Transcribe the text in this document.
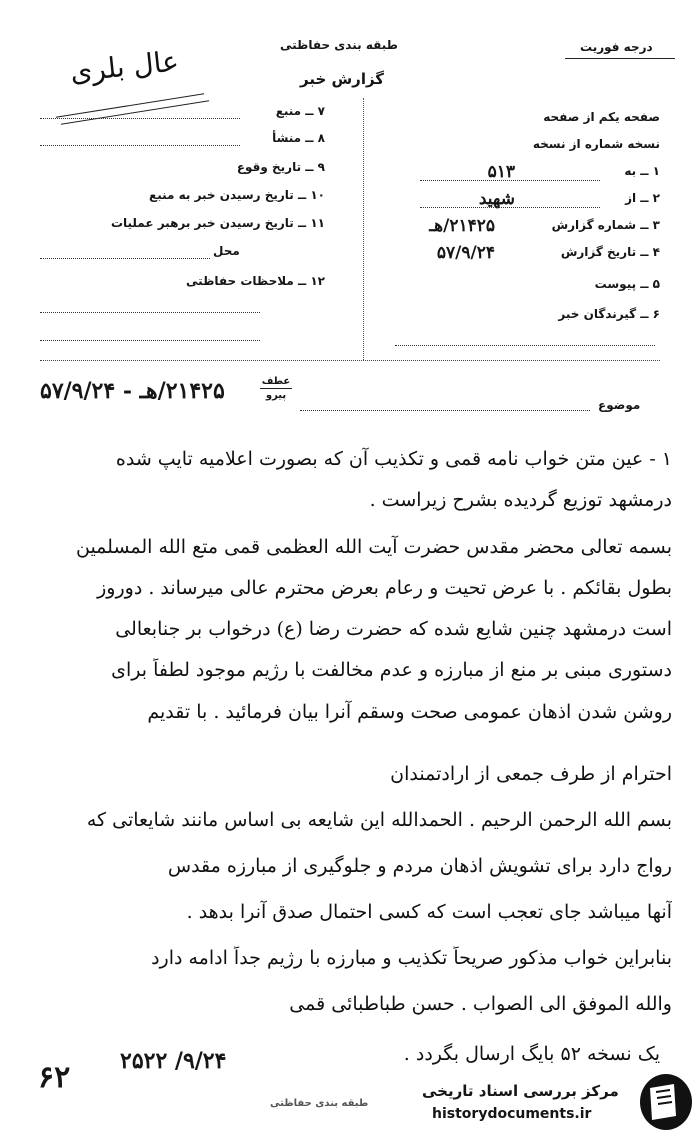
عال بلری	طبقه بندی حفاظتی
گزارش خبر
درجه فوریت
صفحه یکم از صفحه
نسخه شماره از نسخه
۱ ــ به
۵۱۳
۲ ــ از
شهید
۳ ــ شماره گزارش
۲۱۴۲۵/هـ
۴ ــ تاریخ گزارش
۵۷/۹/۲۴
۵ ــ پیوست
۶ ــ گیرندگان خبر
۷ ــ منبع
۸ ــ منشأ
۹ ــ تاریخ وقوع
۱۰ ــ تاریخ رسیدن خبر به منبع
۱۱ ــ تاریخ رسیدن خبر برهبر عملیات
محل
۱۲ ــ ملاحظات حفاظتی
موضوع
۲۱۴۲۵/هـ - ۵۷/۹/۲۴	عطف
پیرو
۱ - عین متن خواب نامه قمی و تکذیب آن که بصورت اعلامیه تایپ شده
درمشهد توزیع گردیده بشرح زیراست .
بسمه تعالی محضر مقدس حضرت آیت الله العظمی قمی متع الله المسلمین
بطول بقائکم . با عرض تحیت و رعام بعرض محترم عالی میرساند . دوروز
است درمشهد چنین شایع شده که حضرت رضا (ع) درخواب بر جنابعالی
دستوری مبنی بر منع از مبارزه و عدم مخالفت با رژیم موجود لطفاً برای
روشن شدن اذهان عمومی صحت وسقم آنرا بیان فرمائید . با تقدیم
احترام از طرف جمعی از ارادتمندان
بسم الله الرحمن الرحیم . الحمدالله این شایعه بی اساس مانند شایعاتی که
رواج دارد برای تشویش اذهان مردم و جلوگیری از مبارزه مقدس
آنها میباشد جای تعجب است که کسی احتمال صدق آنرا بدهد .
بنابراین خواب مذکور صریحاً تکذیب و مبارزه با رژیم جداً ادامه دارد
والله الموفق الی الصواب . حسن طباطبائی قمی
یک نسخه ۵۲ بایگ ارسال بگردد .
۲۵۲۲ /۹/۲۴
۶۲
طبقه بندی حفاظتی
مرکز بررسی اسناد تاریخی
historydocuments.ir
